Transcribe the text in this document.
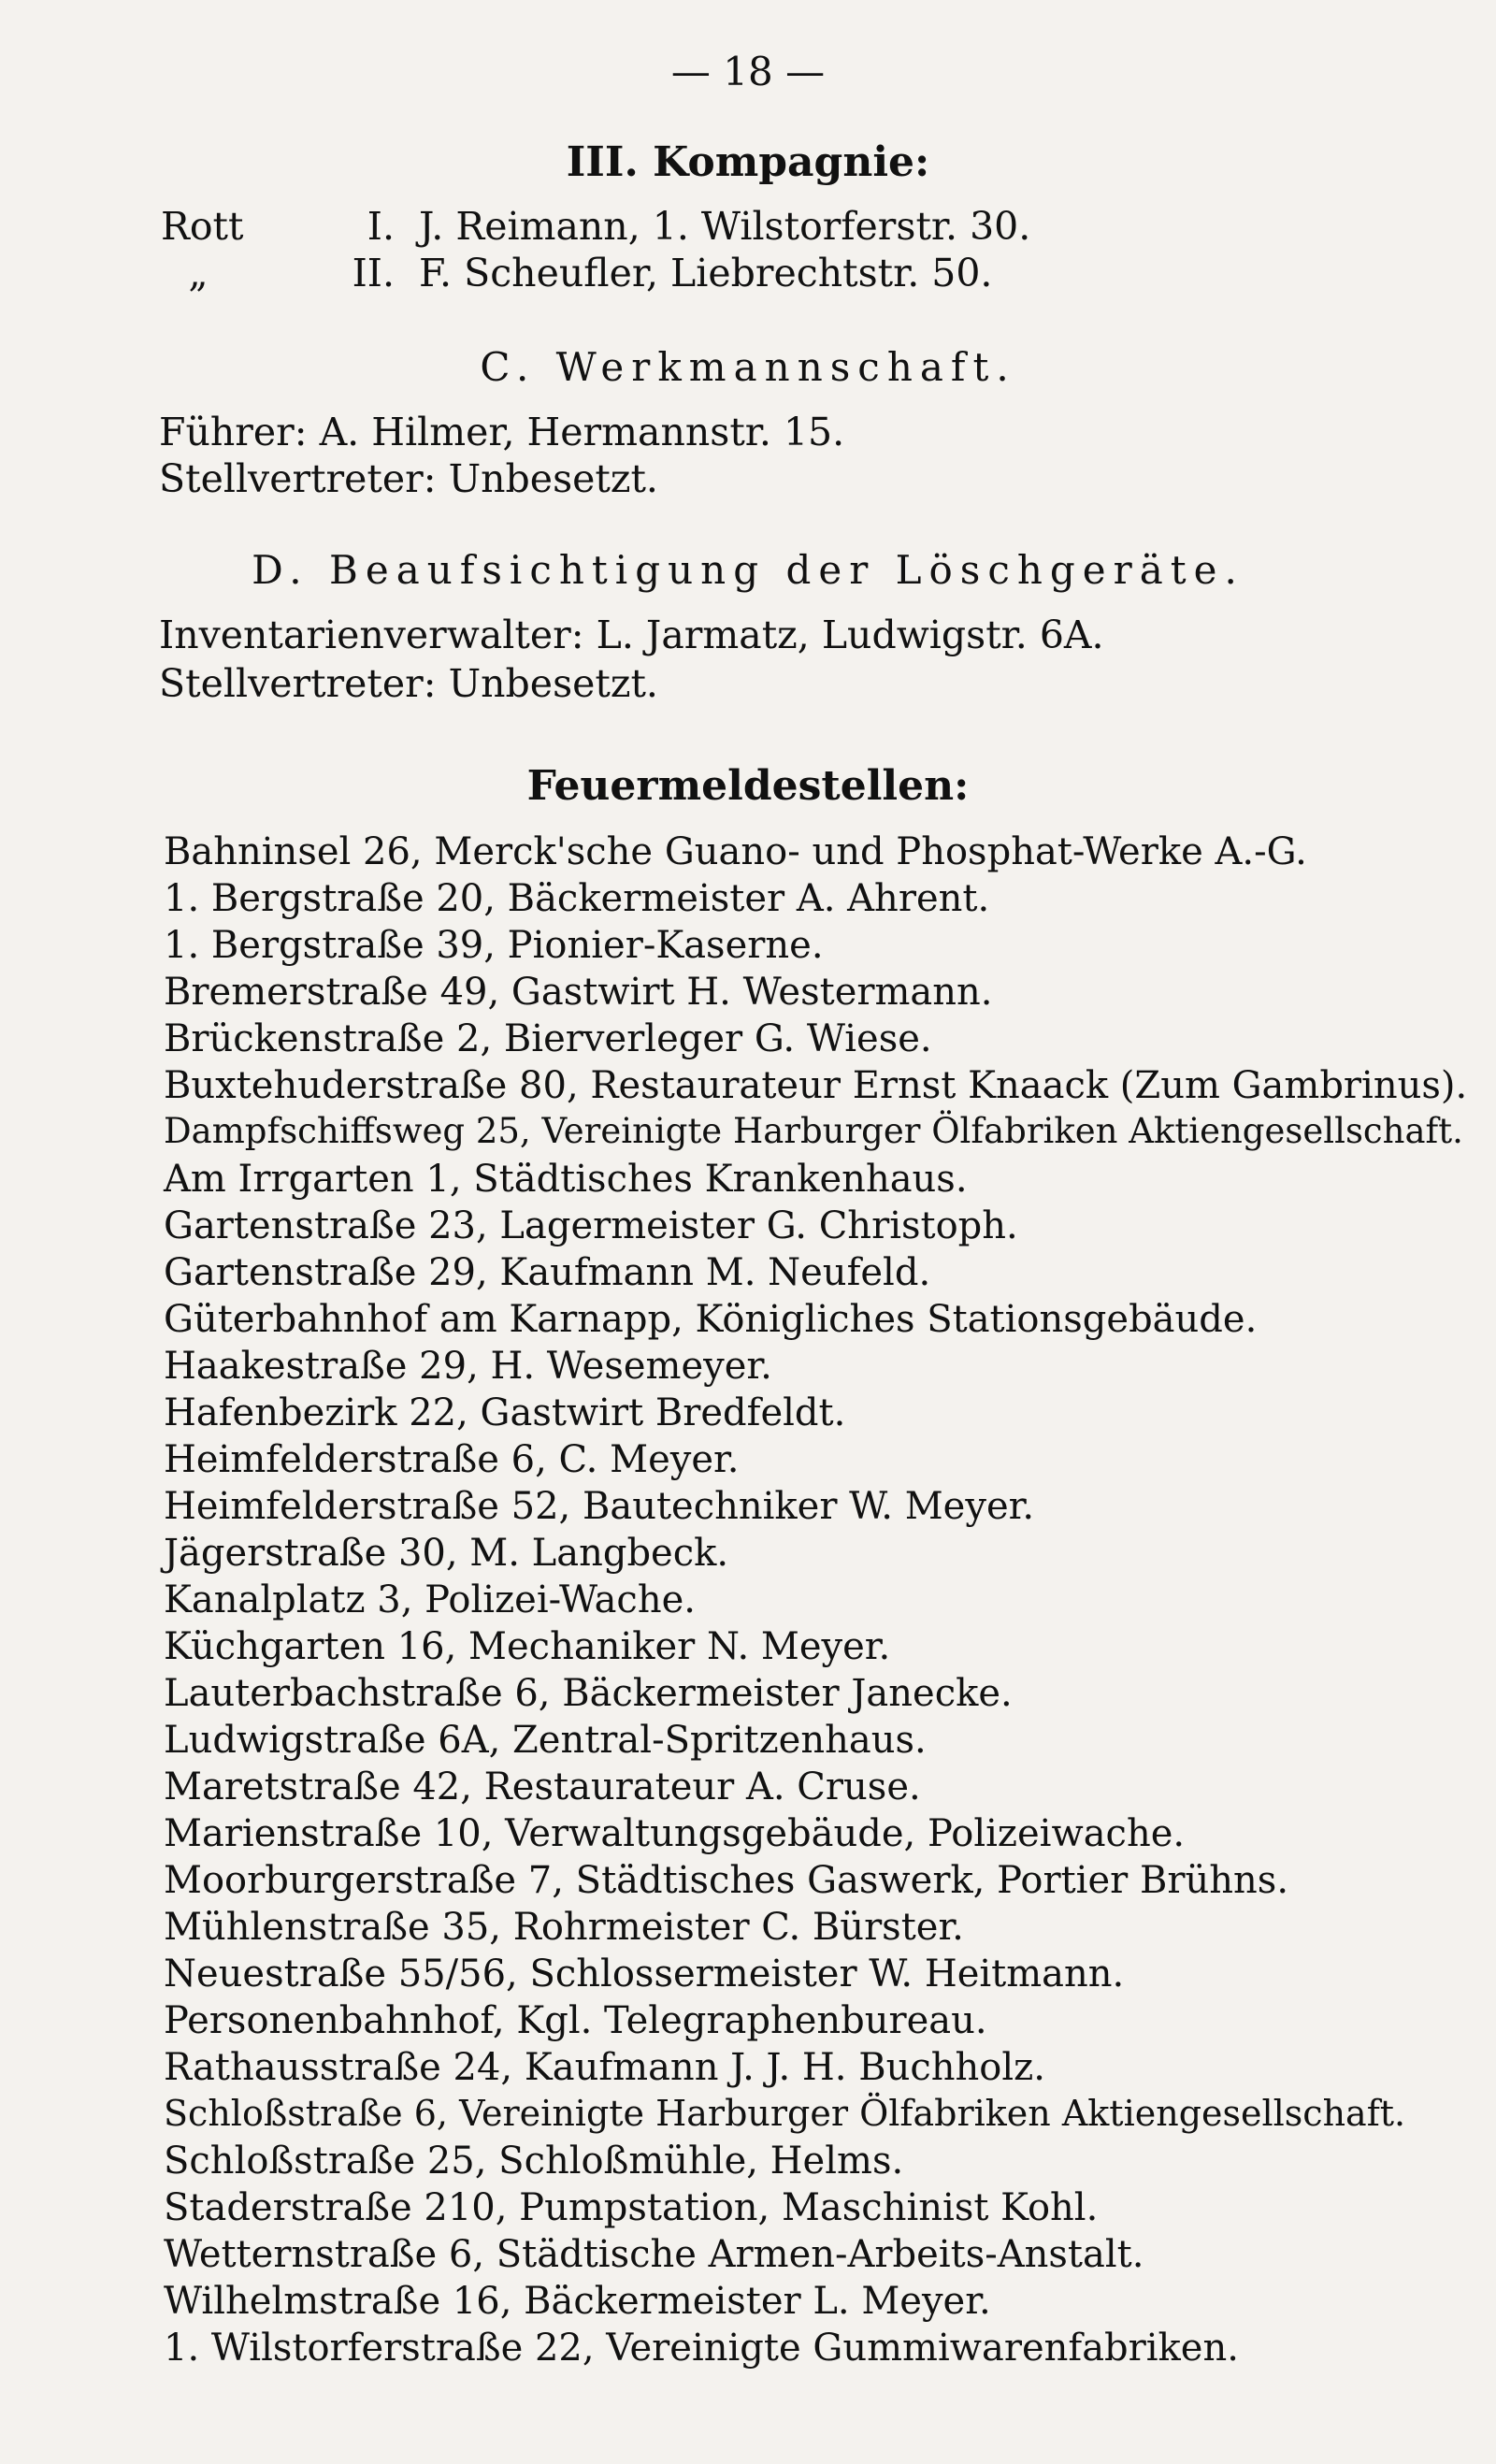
— 18 —
III. Kompagnie:
Rott	I. J. Reimann, 1. Wilstorferstr. 30.
„	II. F. Scheufler, Liebrechtstr. 50.
C. Werkmannschaft.
Führer: A. Hilmer, Hermannstr. 15.
Stellvertreter: Unbesetzt.
D. Beaufsichtigung der Löschgeräte.
Inventarienverwalter: L. Jarmatz, Ludwigstr. 6A.
Stellvertreter: Unbesetzt.
Feuermeldestellen:
Bahninsel 26, Merck'sche Guano- und Phosphat-Werke A.-G.
1. Bergstraße 20, Bäckermeister A. Ahrent.
1. Bergstraße 39, Pionier-Kaserne.
Bremerstraße 49, Gastwirt H. Westermann.
Brückenstraße 2, Bierverleger G. Wiese.
Buxtehuderstraße 80, Restaurateur Ernst Knaack (Zum Gambrinus).
Dampfschiffsweg 25, Vereinigte Harburger Ölfabriken Aktiengesellschaft.
Am Irrgarten 1, Städtisches Krankenhaus.
Gartenstraße 23, Lagermeister G. Christoph.
Gartenstraße 29, Kaufmann M. Neufeld.
Güterbahnhof am Karnapp, Königliches Stationsgebäude.
Haakestraße 29, H. Wesemeyer.
Hafenbezirk 22, Gastwirt Bredfeldt.
Heimfelderstraße 6, C. Meyer.
Heimfelderstraße 52, Bautechniker W. Meyer.
Jägerstraße 30, M. Langbeck.
Kanalplatz 3, Polizei-Wache.
Küchgarten 16, Mechaniker N. Meyer.
Lauterbachstraße 6, Bäckermeister Janecke.
Ludwigstraße 6A, Zentral-Spritzenhaus.
Maretstraße 42, Restaurateur A. Cruse.
Marienstraße 10, Verwaltungsgebäude, Polizeiwache.
Moorburgerstraße 7, Städtisches Gaswerk, Portier Brühns.
Mühlenstraße 35, Rohrmeister C. Bürster.
Neuestraße 55/56, Schlossermeister W. Heitmann.
Personenbahnhof, Kgl. Telegraphenbureau.
Rathausstraße 24, Kaufmann J. J. H. Buchholz.
Schloßstraße 6, Vereinigte Harburger Ölfabriken Aktiengesellschaft.
Schloßstraße 25, Schloßmühle, Helms.
Staderstraße 210, Pumpstation, Maschinist Kohl.
Wetternstraße 6, Städtische Armen-Arbeits-Anstalt.
Wilhelmstraße 16, Bäckermeister L. Meyer.
1. Wilstorferstraße 22, Vereinigte Gummiwarenfabriken.
